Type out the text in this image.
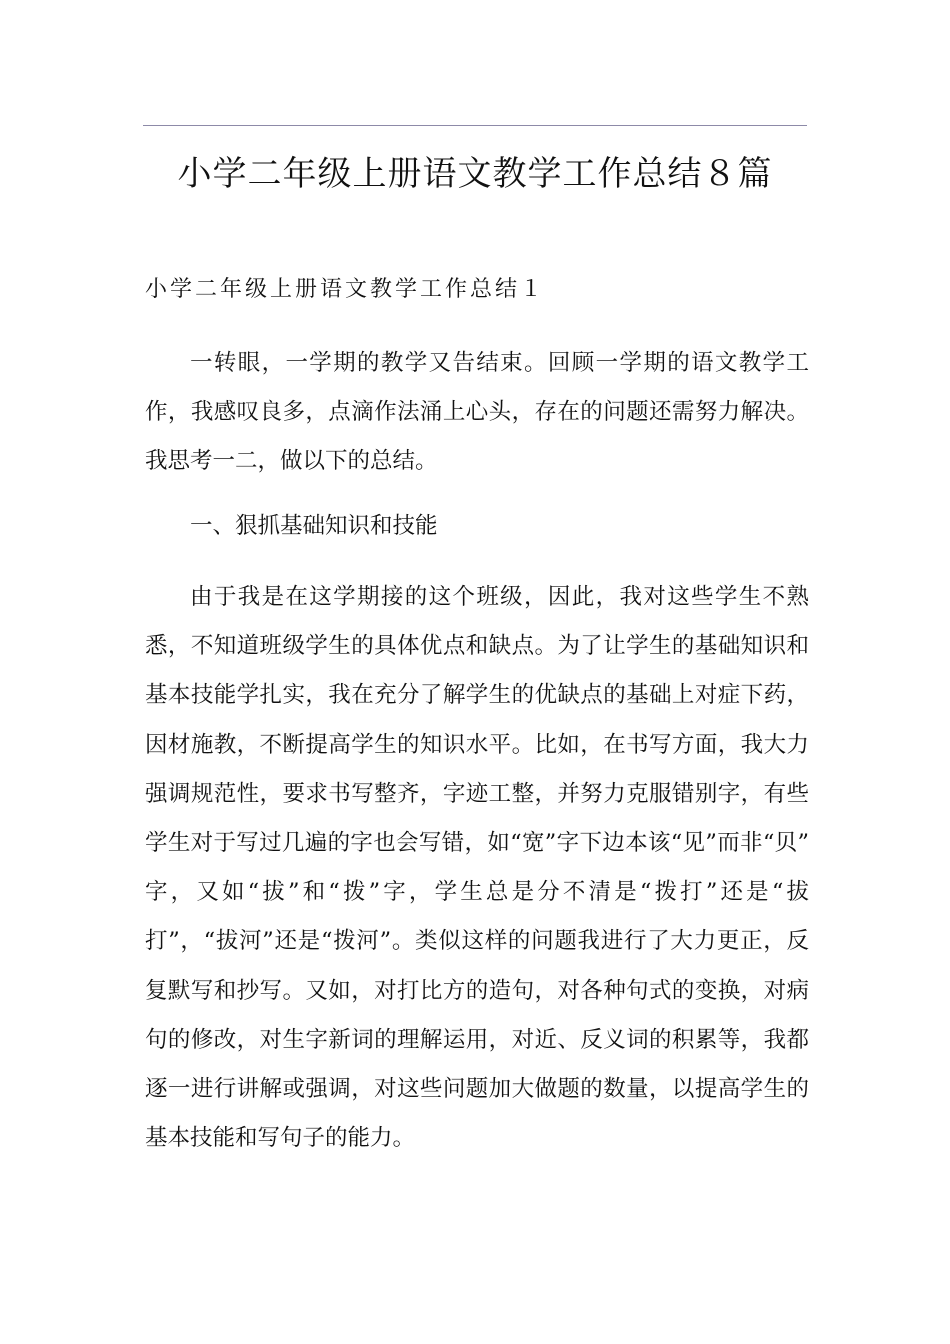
小学二年级上册语文教学工作总结８篇
小学二年级上册语文教学工作总结１

一转眼，一学期的教学又告结束。回顾一学期的语文教学工作，我感叹良多，点滴作法涌上心头，存在的问题还需努力解决。我思考一二，做以下的总结。

一、狠抓基础知识和技能

由于我是在这学期接的这个班级，因此，我对这些学生不熟悉，不知道班级学生的具体优点和缺点。为了让学生的基础知识和基本技能学扎实，我在充分了解学生的优缺点的基础上对症下药，因材施教，不断提高学生的知识水平。比如，在书写方面，我大力强调规范性，要求书写整齐，字迹工整，并努力克服错别字，有些学生对于写过几遍的字也会写错，如“宽”字下边本该“见”而非“贝” 字，又如“拔”和“拨”字，学生总是分不清是“拨打”还是“拔打”，“拔河”还是“拨河”。类似这样的问题我进行了大力更正，反复默写和抄写。又如，对打比方的造句，对各种句式的变换，对病句的修改，对生字新词的理解运用，对近、反义词的积累等，我都逐一进行讲解或强调，对这些问题加大做题的数量，以提高学生的基本技能和写句子的能力。
